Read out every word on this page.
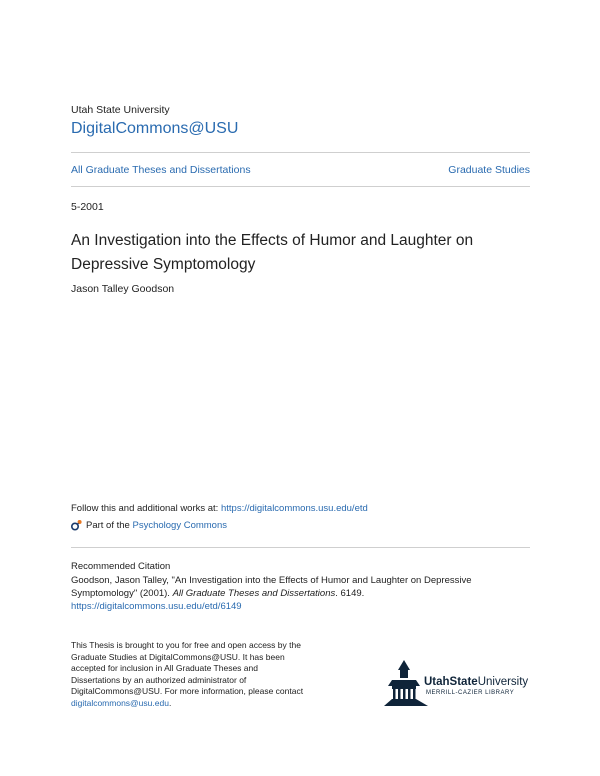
Utah State University
DigitalCommons@USU
All Graduate Theses and Dissertations	Graduate Studies
5-2001
An Investigation into the Effects of Humor and Laughter on Depressive Symptomology
Jason Talley Goodson
Follow this and additional works at: https://digitalcommons.usu.edu/etd
Part of the Psychology Commons
Recommended Citation
Goodson, Jason Talley, "An Investigation into the Effects of Humor and Laughter on Depressive Symptomology" (2001). All Graduate Theses and Dissertations. 6149.
https://digitalcommons.usu.edu/etd/6149
This Thesis is brought to you for free and open access by the Graduate Studies at DigitalCommons@USU. It has been accepted for inclusion in All Graduate Theses and Dissertations by an authorized administrator of DigitalCommons@USU. For more information, please contact digitalcommons@usu.edu.
UtahStateUniversity
MERRILL-CAZIER LIBRARY
